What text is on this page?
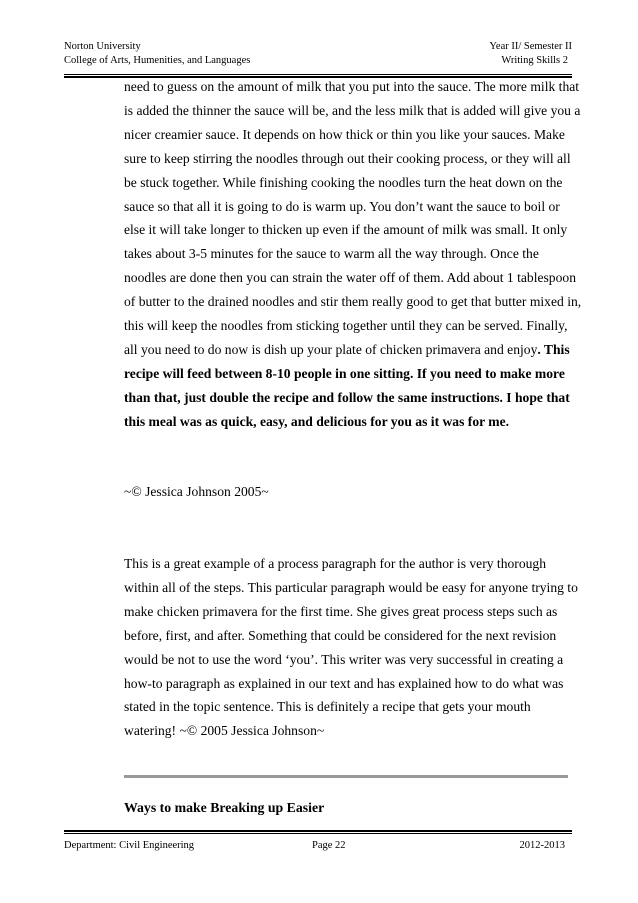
Norton University	Year II/ Semester II
College of Arts, Humenities, and Languages	Writing Skills 2

need to guess on the amount of milk that you put into the sauce. The more milk that is added the thinner the sauce will be, and the less milk that is added will give you a nicer creamier sauce. It depends on how thick or thin you like your sauces. Make sure to keep stirring the noodles through out their cooking process, or they will all be stuck together. While finishing cooking the noodles turn the heat down on the sauce so that all it is going to do is warm up. You don’t want the sauce to boil or else it will take longer to thicken up even if the amount of milk was small. It only takes about 3-5 minutes for the sauce to warm all the way through. Once the noodles are done then you can strain the water off of them. Add about 1 tablespoon of butter to the drained noodles and stir them really good to get that butter mixed in, this will keep the noodles from sticking together until they can be served. Finally, all you need to do now is dish up your plate of chicken primavera and enjoy. This recipe will feed between 8-10 people in one sitting. If you need to make more than that, just double the recipe and follow the same instructions. I hope that this meal was as quick, easy, and delicious for you as it was for me.

~© Jessica Johnson 2005~

This is a great example of a process paragraph for the author is very thorough within all of the steps. This particular paragraph would be easy for anyone trying to make chicken primavera for the first time. She gives great process steps such as before, first, and after. Something that could be considered for the next revision would be not to use the word ‘you’. This writer was very successful in creating a how-to paragraph as explained in our text and has explained how to do what was stated in the topic sentence. This is definitely a recipe that gets your mouth watering! ~© 2005 Jessica Johnson~

Ways to make Breaking up Easier
Department: Civil Engineering	Page 22	2012-2013
